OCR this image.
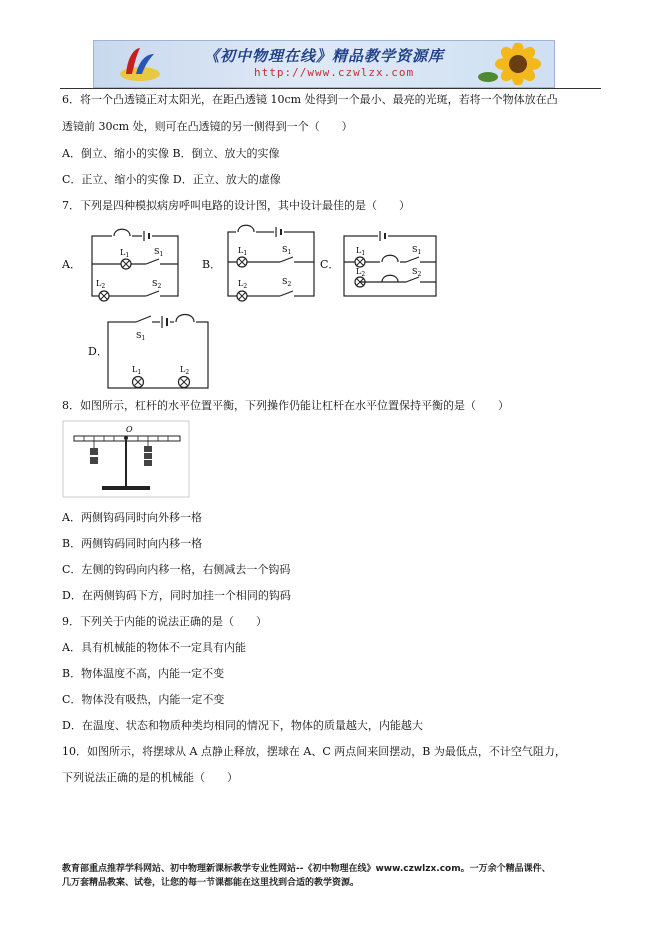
《初中物理在线》精品教学资源库
http://www.czwlzx.com
6．将一个凸透镜正对太阳光，在距凸透镜 10cm 处得到一个最小、最亮的光斑，若将一个物体放在凸
透镜前 30cm 处，则可在凸透镜的另一侧得到一个（　　）
A．倒立、缩小的实像 B．倒立、放大的实像
C．正立、缩小的实像 D．正立、放大的虚像
7．下列是四种模拟病房呼叫电路的设计图，其中设计最佳的是（　　）
A．
$S_1$
$L_1$
$L_2$	$S_2$
B．
$L_1$	$S_1$
$L_2$
$S_2$
C．
$L_1$	$S_1$
$L_2$	$S_2$
D．
$S_1$
$L_1$	$L_2$
8．如图所示，杠杆的水平位置平衡，下列操作仍能让杠杆在水平位置保持平衡的是（　　）
O
A．两侧钩码同时向外移一格
B．两侧钩码同时向内移一格
C．左侧的钩码向内移一格，右侧减去一个钩码
D．在两侧钩码下方，同时加挂一个相同的钩码
9．下列关于内能的说法正确的是（　　）
A．具有机械能的物体不一定具有内能
B．物体温度不高，内能一定不变
C．物体没有吸热，内能一定不变
D．在温度、状态和物质种类均相同的情况下，物体的质量越大，内能越大
10．如图所示，将摆球从 A 点静止释放，摆球在 A、C 两点间来回摆动，B 为最低点，不计空气阻力，
下列说法正确的是的机械能（　　）
教育部重点推荐学科网站、初中物理新课标教学专业性网站--《初中物理在线》www.czwlzx.com。一万余个精品课件、
几万套精品教案、试卷，让您的每一节课都能在这里找到合适的教学资源。
